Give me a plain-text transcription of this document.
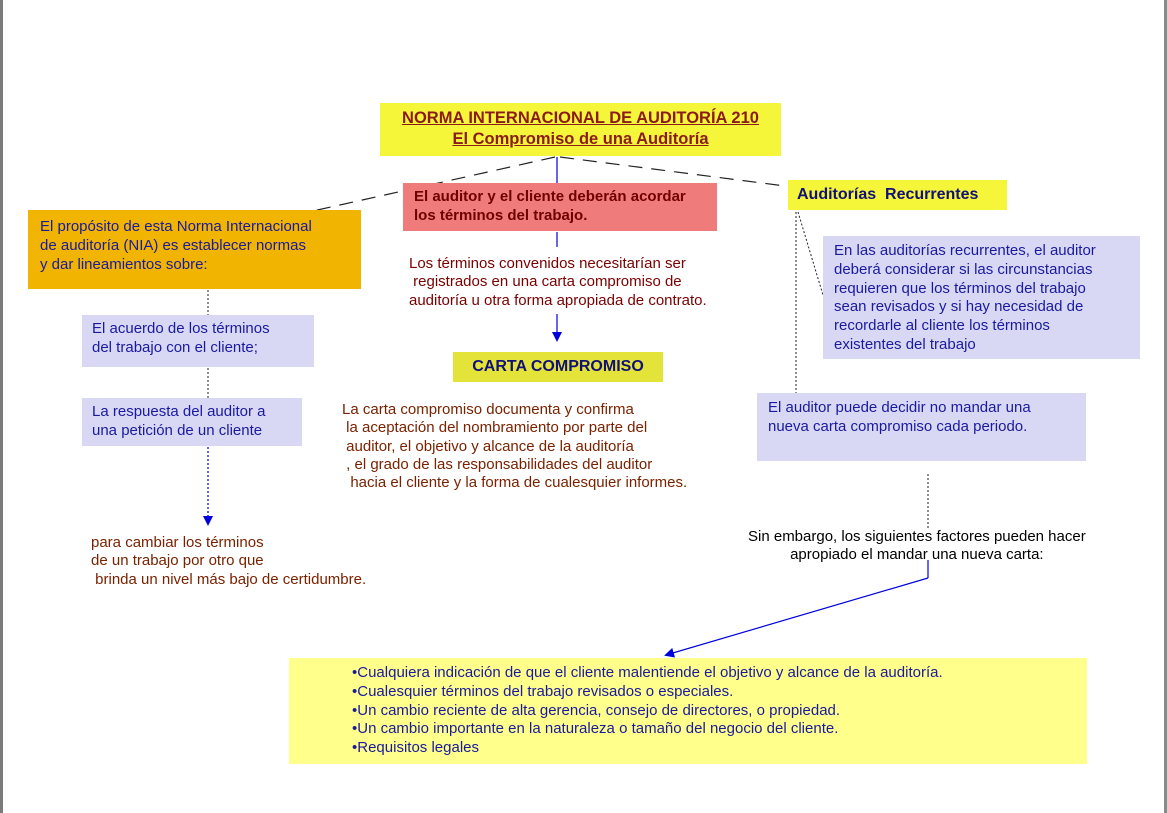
NORMA INTERNACIONAL DE AUDITORÍA 210
El Compromiso de una Auditoría
El auditor y el cliente deberán acordar
los términos del trabajo.
Auditorías  Recurrentes
El propósito de esta Norma Internacional
de auditoría (NIA) es establecer normas
y dar lineamientos sobre:
El acuerdo de los términos
del trabajo con el cliente;
La respuesta del auditor a
una petición de un cliente
En las auditorías recurrentes, el auditor
deberá considerar si las circunstancias
requieren que los términos del trabajo
sean revisados y si hay necesidad de
recordarle al cliente los términos
existentes del trabajo
El auditor puede decidir no mandar una
nueva carta compromiso cada periodo.
CARTA COMPROMISO
Los términos convenidos necesitarían ser
registrados en una carta compromiso de
auditoría u otra forma apropiada de contrato.
La carta compromiso documenta y confirma
la aceptación del nombramiento por parte del
auditor, el objetivo y alcance de la auditoría
, el grado de las responsabilidades del auditor
hacia el cliente y la forma de cualesquier informes.
para cambiar los términos
de un trabajo por otro que
brinda un nivel más bajo de certidumbre.
Sin embargo, los siguientes factores pueden hacer
apropiado el mandar una nueva carta:
•Cualquiera indicación de que el cliente malentiende el objetivo y alcance de la auditoría.
•Cualesquier términos del trabajo revisados o especiales.
•Un cambio reciente de alta gerencia, consejo de directores, o propiedad.
•Un cambio importante en la naturaleza o tamaño del negocio del cliente.
•Requisitos legales
